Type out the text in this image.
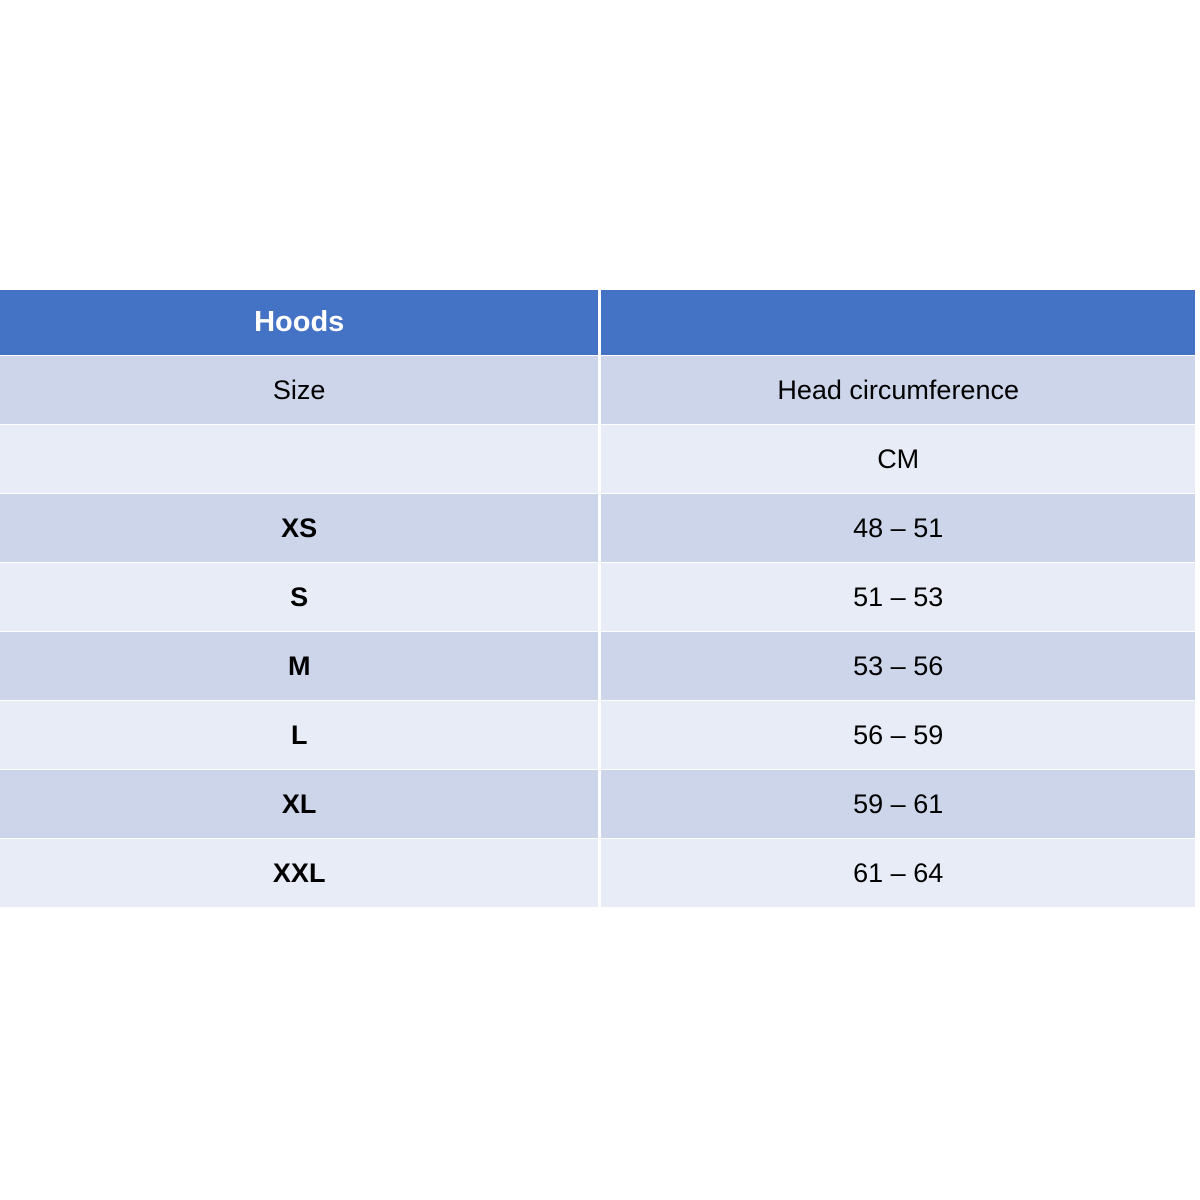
Hoods	
Size	Head circumference
	CM
XS	48 – 51
S	51 – 53
M	53 – 56
L	56 – 59
XL	59 – 61
XXL	61 – 64
